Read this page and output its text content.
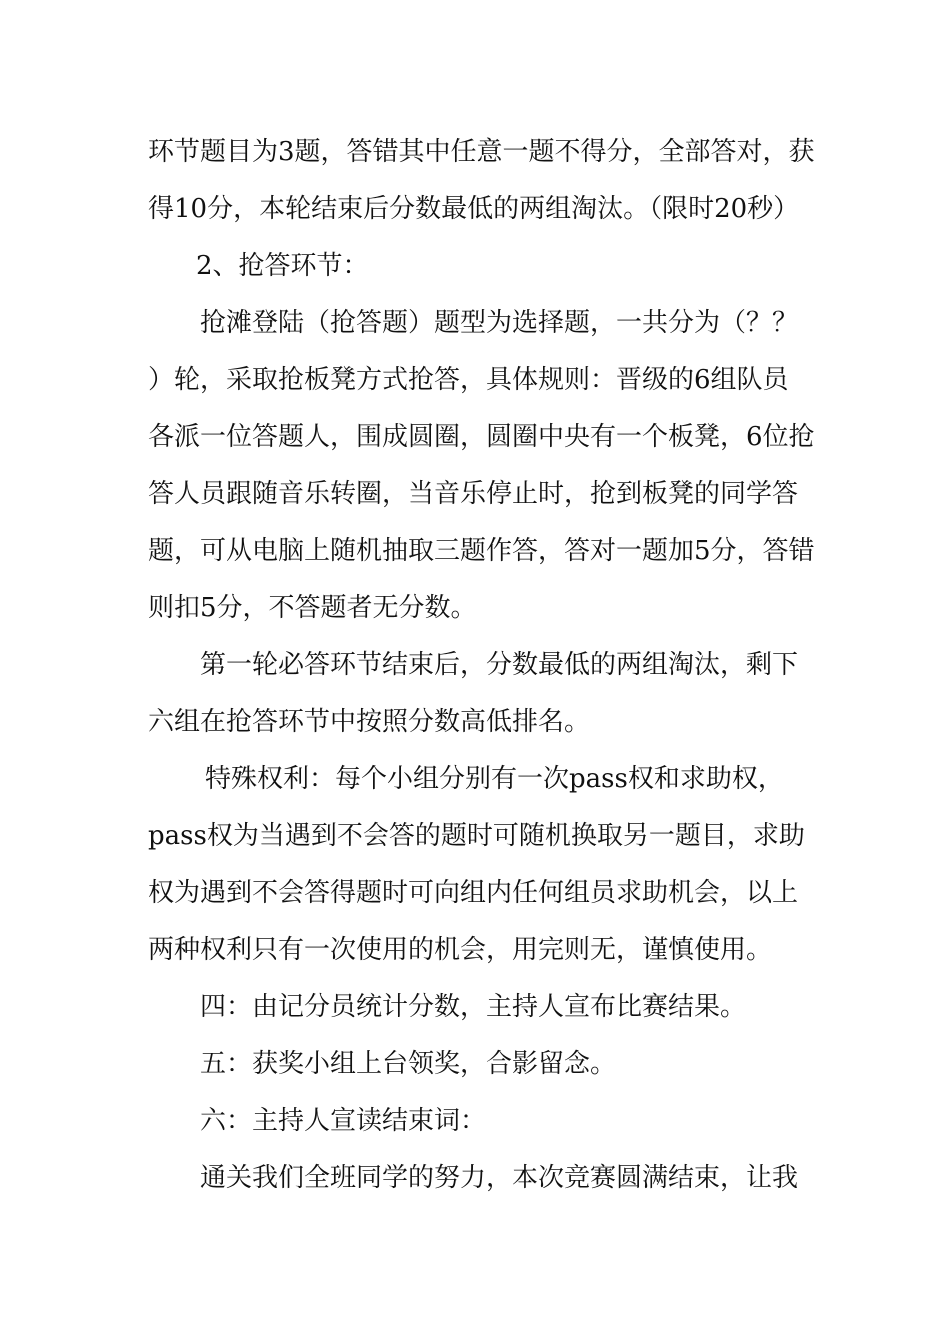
环节题目为3题，答错其中任意一题不得分，全部答对，获
得10分，本轮结束后分数最低的两组淘汰。（限时20秒）
2、抢答环节：
抢滩登陆（抢答题）题型为选择题，一共分为（？？
）轮，采取抢板凳方式抢答，具体规则：晋级的6组队员
各派一位答题人，围成圆圈，圆圈中央有一个板凳，6位抢
答人员跟随音乐转圈，当音乐停止时，抢到板凳的同学答
题，可从电脑上随机抽取三题作答，答对一题加5分，答错
则扣5分，不答题者无分数。
第一轮必答环节结束后，分数最低的两组淘汰，剩下
六组在抢答环节中按照分数高低排名。
特殊权利：每个小组分别有一次pass权和求助权，
pass权为当遇到不会答的题时可随机换取另一题目，求助
权为遇到不会答得题时可向组内任何组员求助机会，以上
两种权利只有一次使用的机会，用完则无，谨慎使用。
四：由记分员统计分数，主持人宣布比赛结果。
五：获奖小组上台领奖，合影留念。
六：主持人宣读结束词：
通关我们全班同学的努力，本次竞赛圆满结束，让我
